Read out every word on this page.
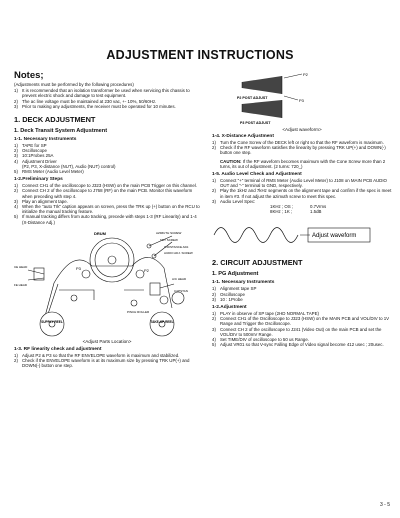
ADJUSTMENT INSTRUCTIONS
Notes;
(Adjustments must be performed by the following procedures)
1) It is recommended that an isolation transformer be used when servicing this chassis to prevent electric shock and damage to test equipment.
2) The ac line voltage must be maintained at 230 vac, +- 10%, 50/60Hz.
3) Prior to making any adjustments, the receiver must be operated for 10 minutes.
1. DECK ADJUSTMENT
1. Deck Transit System Adjustment
1-1. Necessary Instruments
1) TAPE for SP
2) Oscilloscope
3) 10:1Probes 25A
4) Adjustment Driver
(P2, P3, X-distance (NUT), Audio (NUT) control)
5) RMS Meter (Audio Level Meter)
1-2.Preliminary Steps
1) Connect CH1 of the oscilloscope to J323 (HSW) on the main PCB Trigger on this channel.
2) Connect CH 2 of the oscilloscope to J768 (RF) on the main PCB. Monitor this waveform when preceding with step 4.
3) Play an alignment tape.
4) When the "auto Trk" caption appears on screen, press the TRK up (+) button on the RCU to initialize the manual tracking feature.
5) If manual tracking differs from auto tracking, precede with steps 1-3 (RF Linearity) and 1-4 (X-Distance Adj.)
DRUM
P3	P2
AZIMUTH SCREW
TILT SCREW
X-DISTANCE ADJ.
AUDIO ADJ. SCREW
A/C HEAD
CAPSTAN
PINCH ROLLER
CE HEAD
FE HEAD
SUPPLY REEL	TAKE-UP REEL
<Adjust Parts Location>
1-3. RF linearity check and adjustment
1) Adjust P2 & P3 so that the RF ENVELOPE waveform is maximum and stabilized.
2) Check if the ENVELOPE waveform is at its maximum size by pressing TRK UP(+) and DOWN(-) button one step.
P2
P3
P2 POST ADJUST
P3 POST ADJUST
<Adjust waveform>
1-4. X-Distance Adjustment
1) Turn the Cone Screw of the DECK left or right so that the RF waveform is maximum.
2) Check if the RF waveform satisfies the linearity by pressing TRK UP(+) and DOWN(-) button one step.
CAUTION: If the RF waveform becomes maximum with the Cone Screw more than 2 turns, its out of adjustment. (2 turns: 720_)
1-5. Audio Level Check and Adjustment
1) Connect "+" terminal of RMS Meter (Audio Level Meter) to J108 on MAIN PCB AUDIO OUT and "-" terminal to GND, respectively.
2) Play the 1kHz and 7kHz segments on the alignment tape and confirm if the spec is meet in item #3. If not adjust the azimuth screw to meet this spec.
3) Audio Level Spec:
1KHz ; OS ;	0.7Vrms
8KHz ; 1K ;	1.5dB
Adjust waveform
2. CIRCUIT ADJUSTMENT
1. PG Adjustment
1-1. Necessary Instruments
1) Alignment tape SP
2) Oscilloscope
3) 10 : 1Probe
1-2.Adjustment
1) PLAY in observe of SP tape (2HD NORMAL TAPE)
2) Connect CH1 of the Oscilloscope to J323 (HSW) on the MAIN PCB and VOL/DIV to 1V Range and Trigger the Oscilloscope.
3) Connect CH 2 of the oscilloscope to J241 (Video Out) on the main PCB and set the VOL/DIV to 500mV Range.
4) Set TIME/DIV of oscilloscope to 50 us Range.
5) Adjust VR01 so that V-sync Falling Edge of Video signal become 412 usec ; 20usec.
3 - 5
